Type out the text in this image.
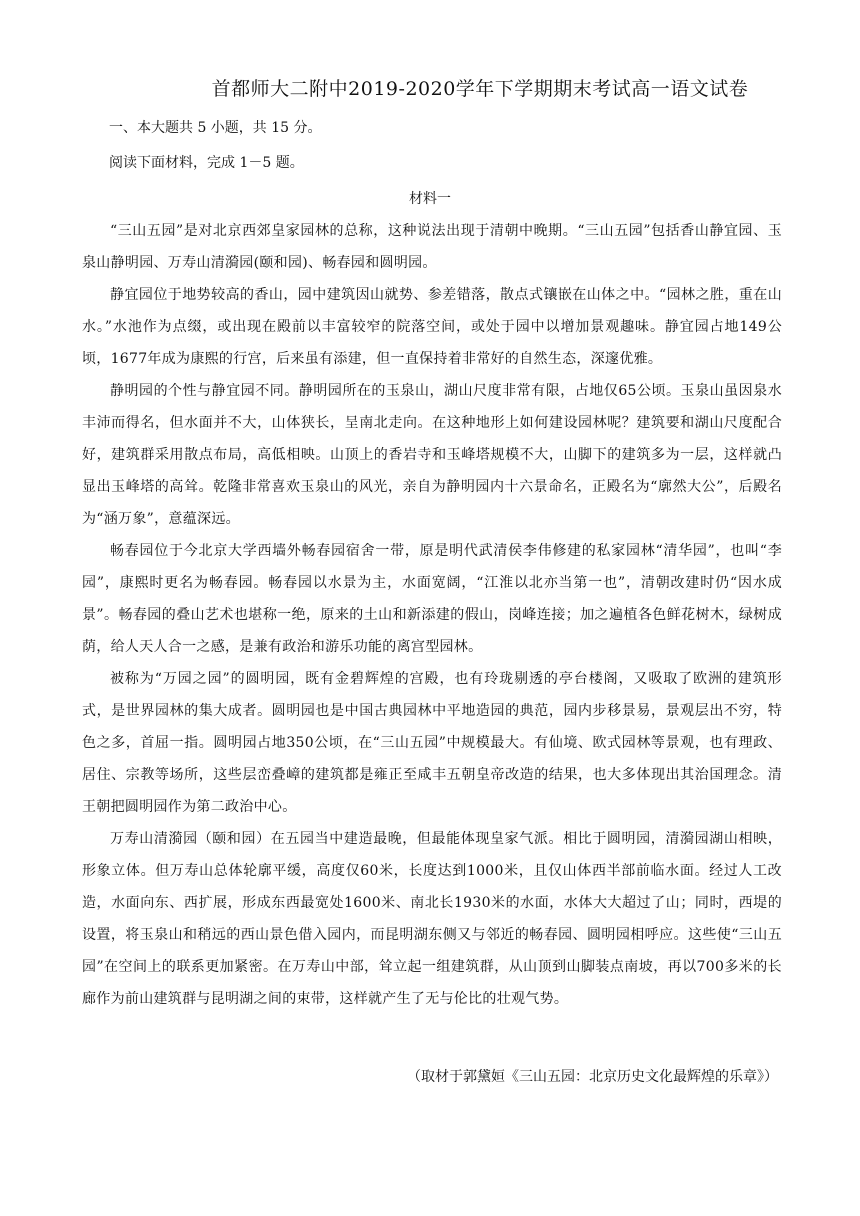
首都师大二附中2019-2020学年下学期期末考试高一语文试卷
一、本大题共 5 小题，共 15 分。
阅读下面材料，完成 1－5 题。
材料一

“三山五园”是对北京西郊皇家园林的总称，这种说法出现于清朝中晚期。“三山五园”包括香山静宜园、玉泉山静明园、万寿山清漪园(颐和园)、畅春园和圆明园。

静宜园位于地势较高的香山，园中建筑因山就势、参差错落，散点式镶嵌在山体之中。“园林之胜，重在山水。”水池作为点缀，或出现在殿前以丰富较窄的院落空间，或处于园中以增加景观趣味。静宜园占地149公顷，1677年成为康熙的行宫，后来虽有添建，但一直保持着非常好的自然生态，深邃优雅。

静明园的个性与静宜园不同。静明园所在的玉泉山，湖山尺度非常有限，占地仅65公顷。玉泉山虽因泉水丰沛而得名，但水面并不大，山体狭长，呈南北走向。在这种地形上如何建设园林呢？建筑要和湖山尺度配合好，建筑群采用散点布局，高低相映。山顶上的香岩寺和玉峰塔规模不大，山脚下的建筑多为一层，这样就凸显出玉峰塔的高耸。乾隆非常喜欢玉泉山的风光，亲自为静明园内十六景命名，正殿名为“廓然大公”，后殿名为“涵万象”，意蕴深远。

畅春园位于今北京大学西墙外畅春园宿舍一带，原是明代武清侯李伟修建的私家园林“清华园”，也叫“李园”，康熙时更名为畅春园。畅春园以水景为主，水面宽阔，“江淮以北亦当第一也”，清朝改建时仍“因水成景”。畅春园的叠山艺术也堪称一绝，原来的土山和新添建的假山，岗峰连接；加之遍植各色鲜花树木，绿树成荫，给人天人合一之感，是兼有政治和游乐功能的离宫型园林。

被称为“万园之园”的圆明园，既有金碧辉煌的宫殿，也有玲珑剔透的亭台楼阁，又吸取了欧洲的建筑形式，是世界园林的集大成者。圆明园也是中国古典园林中平地造园的典范，园内步移景易，景观层出不穷，特色之多，首屈一指。圆明园占地350公顷，在“三山五园”中规模最大。有仙境、欧式园林等景观，也有理政、居住、宗教等场所，这些层峦叠嶂的建筑都是雍正至咸丰五朝皇帝改造的结果，也大多体现出其治国理念。清王朝把圆明园作为第二政治中心。

万寿山清漪园（颐和园）在五园当中建造最晚，但最能体现皇家气派。相比于圆明园，清漪园湖山相映，形象立体。但万寿山总体轮廓平缓，高度仅60米，长度达到1000米，且仅山体西半部前临水面。经过人工改造，水面向东、西扩展，形成东西最宽处1600米、南北长1930米的水面，水体大大超过了山；同时，西堤的设置，将玉泉山和稍远的西山景色借入园内，而昆明湖东侧又与邻近的畅春园、圆明园相呼应。这些使“三山五园”在空间上的联系更加紧密。在万寿山中部，耸立起一组建筑群，从山顶到山脚装点南坡，再以700多米的长廊作为前山建筑群与昆明湖之间的束带，这样就产生了无与伦比的壮观气势。

（取材于郭黛姮《三山五园：北京历史文化最辉煌的乐章》）
